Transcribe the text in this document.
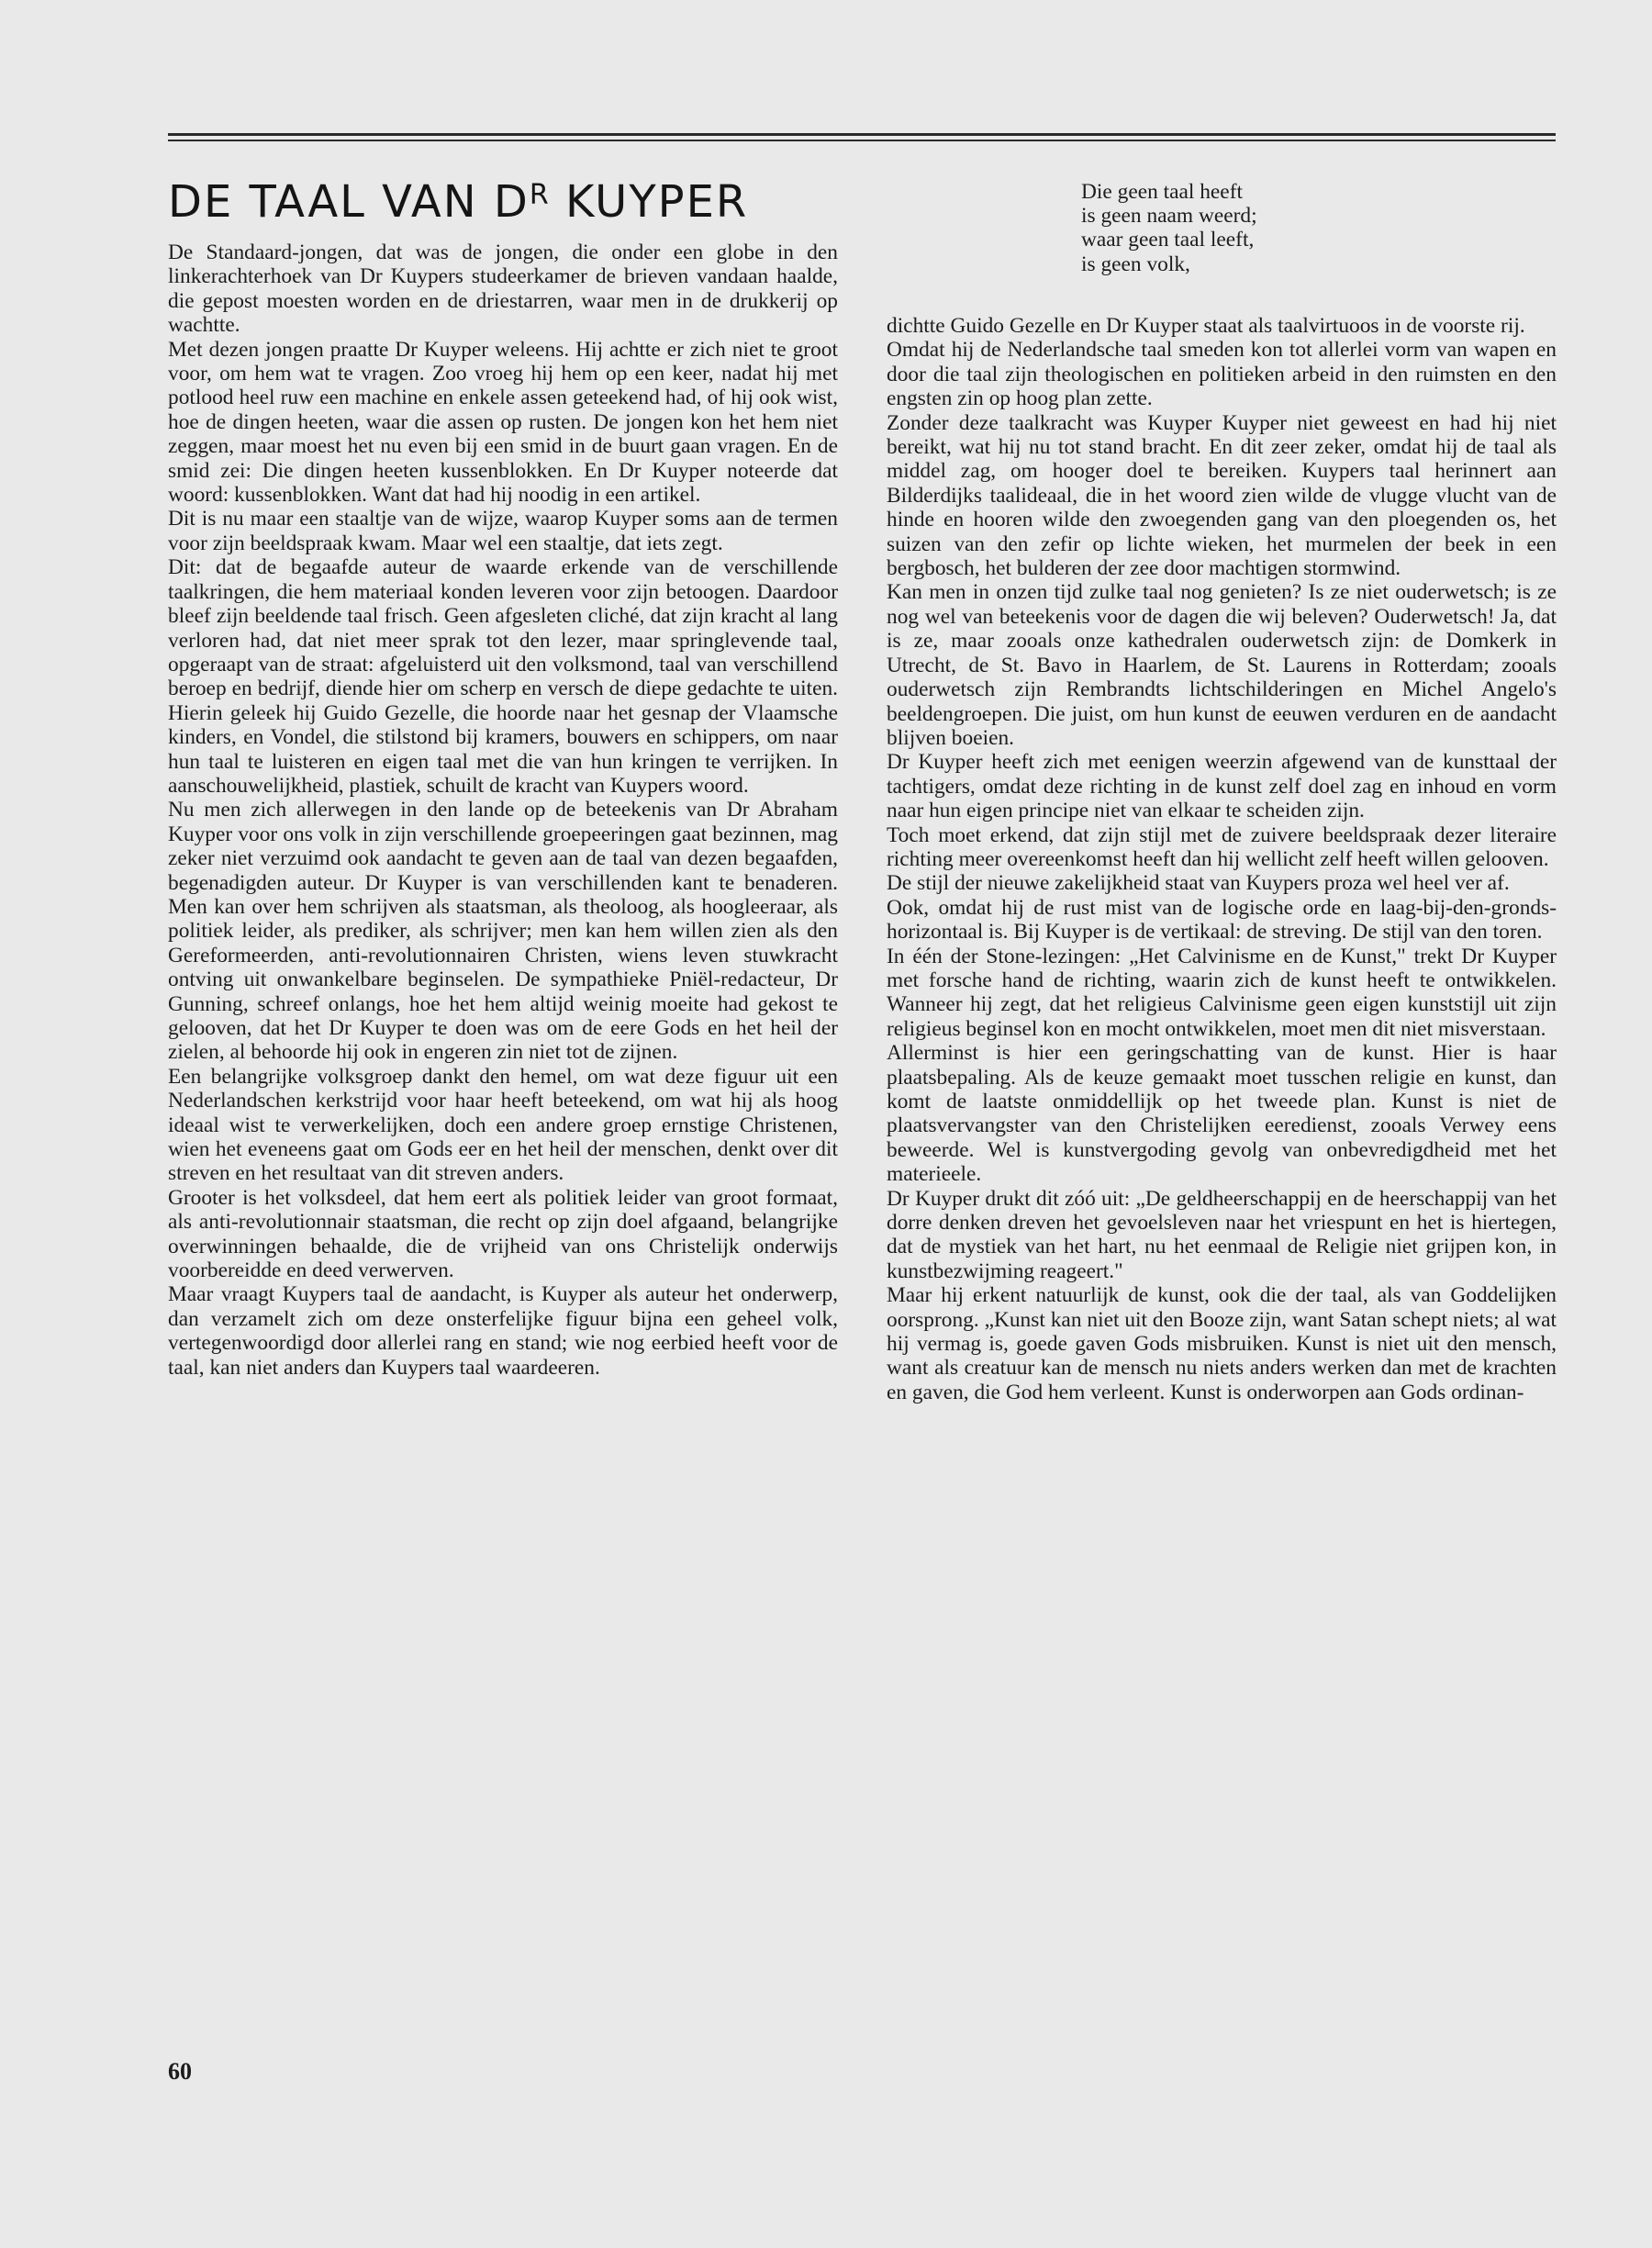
DE TAAL VAN $D^R$ KUYPER	Die geen taal heeft
is geen naam weerd;
waar geen taal leeft,
is geen volk,

De Standaard-jongen, dat was de jongen, die onder een globe in den linkerachterhoek van Dr Kuypers studeerkamer de brieven vandaan haalde, die gepost moesten worden en de driestarren, waar men in de drukkerij op wachtte.

Met dezen jongen praatte Dr Kuyper weleens. Hij achtte er zich niet te groot voor, om hem wat te vragen. Zoo vroeg hij hem op een keer, nadat hij met potlood heel ruw een machine en enkele assen geteekend had, of hij ook wist, hoe de dingen heeten, waar die assen op rusten. De jongen kon het hem niet zeggen, maar moest het nu even bij een smid in de buurt gaan vragen. En de smid zei: Die dingen heeten kussenblokken. En Dr Kuyper noteerde dat woord: kussenblokken. Want dat had hij noodig in een artikel.

Dit is nu maar een staaltje van de wijze, waarop Kuyper soms aan de termen voor zijn beeldspraak kwam. Maar wel een staaltje, dat iets zegt.

Dit: dat de begaafde auteur de waarde erkende van de verschillende taalkringen, die hem materiaal konden leveren voor zijn betoogen. Daardoor bleef zijn beeldende taal frisch. Geen afgesleten cliché, dat zijn kracht al lang verloren had, dat niet meer sprak tot den lezer, maar springlevende taal, opgeraapt van de straat: afgeluisterd uit den volksmond, taal van verschillend beroep en bedrijf, diende hier om scherp en versch de diepe gedachte te uiten. Hierin geleek hij Guido Gezelle, die hoorde naar het gesnap der Vlaamsche kinders, en Vondel, die stilstond bij kramers, bouwers en schippers, om naar hun taal te luisteren en eigen taal met die van hun kringen te verrijken. In aanschouwelijkheid, plastiek, schuilt de kracht van Kuypers woord.

Nu men zich allerwegen in den lande op de beteekenis van Dr Abraham Kuyper voor ons volk in zijn verschillende groepeeringen gaat bezinnen, mag zeker niet verzuimd ook aandacht te geven aan de taal van dezen begaafden, begenadigden auteur. Dr Kuyper is van verschillenden kant te benaderen. Men kan over hem schrijven als staatsman, als theoloog, als hoogleeraar, als politiek leider, als prediker, als schrijver; men kan hem willen zien als den Gereformeerden, anti-revolutionnairen Christen, wiens leven stuwkracht ontving uit onwankelbare beginselen. De sympathieke Pniël-redacteur, Dr Gunning, schreef onlangs, hoe het hem altijd weinig moeite had gekost te gelooven, dat het Dr Kuyper te doen was om de eere Gods en het heil der zielen, al behoorde hij ook in engeren zin niet tot de zijnen.

Een belangrijke volksgroep dankt den hemel, om wat deze figuur uit een Nederlandschen kerkstrijd voor haar heeft beteekend, om wat hij als hoog ideaal wist te verwerkelijken, doch een andere groep ernstige Christenen, wien het eveneens gaat om Gods eer en het heil der menschen, denkt over dit streven en het resultaat van dit streven anders.

Grooter is het volksdeel, dat hem eert als politiek leider van groot formaat, als anti-revolutionnair staatsman, die recht op zijn doel afgaand, belangrijke overwinningen behaalde, die de vrijheid van ons Christelijk onderwijs voorbereidde en deed verwerven.

Maar vraagt Kuypers taal de aandacht, is Kuyper als auteur het onderwerp, dan verzamelt zich om deze onsterfelijke figuur bijna een geheel volk, vertegenwoordigd door allerlei rang en stand; wie nog eerbied heeft voor de taal, kan niet anders dan Kuypers taal waardeeren.

dichtte Guido Gezelle en Dr Kuyper staat als taalvirtuoos in de voorste rij.

Omdat hij de Nederlandsche taal smeden kon tot allerlei vorm van wapen en door die taal zijn theologischen en politieken arbeid in den ruimsten en den engsten zin op hoog plan zette.

Zonder deze taalkracht was Kuyper Kuyper niet geweest en had hij niet bereikt, wat hij nu tot stand bracht. En dit zeer zeker, omdat hij de taal als middel zag, om hooger doel te bereiken. Kuypers taal herinnert aan Bilderdijks taalideaal, die in het woord zien wilde de vlugge vlucht van de hinde en hooren wilde den zwoegenden gang van den ploegenden os, het suizen van den zefir op lichte wieken, het murmelen der beek in een bergbosch, het bulderen der zee door machtigen stormwind.

Kan men in onzen tijd zulke taal nog genieten? Is ze niet ouderwetsch; is ze nog wel van beteekenis voor de dagen die wij beleven? Ouderwetsch! Ja, dat is ze, maar zooals onze kathedralen ouderwetsch zijn: de Domkerk in Utrecht, de St. Bavo in Haarlem, de St. Laurens in Rotterdam; zooals ouderwetsch zijn Rembrandts lichtschilderingen en Michel Angelo's beeldengroepen. Die juist, om hun kunst de eeuwen verduren en de aandacht blijven boeien.

Dr Kuyper heeft zich met eenigen weerzin afgewend van de kunsttaal der tachtigers, omdat deze richting in de kunst zelf doel zag en inhoud en vorm naar hun eigen principe niet van elkaar te scheiden zijn.

Toch moet erkend, dat zijn stijl met de zuivere beeldspraak dezer literaire richting meer overeenkomst heeft dan hij wellicht zelf heeft willen gelooven.

De stijl der nieuwe zakelijkheid staat van Kuypers proza wel heel ver af.

Ook, omdat hij de rust mist van de logische orde en laag-bij-den-gronds-horizontaal is. Bij Kuyper is de vertikaal: de streving. De stijl van den toren.

In één der Stone-lezingen: „Het Calvinisme en de Kunst," trekt Dr Kuyper met forsche hand de richting, waarin zich de kunst heeft te ontwikkelen. Wanneer hij zegt, dat het religieus Calvinisme geen eigen kunststijl uit zijn religieus beginsel kon en mocht ontwikkelen, moet men dit niet misverstaan.

Allerminst is hier een geringschatting van de kunst. Hier is haar plaatsbepaling. Als de keuze gemaakt moet tusschen religie en kunst, dan komt de laatste onmiddellijk op het tweede plan. Kunst is niet de plaatsvervangster van den Christelijken eeredienst, zooals Verwey eens beweerde. Wel is kunstvergoding gevolg van onbevredigdheid met het materieele.

Dr Kuyper drukt dit zóó uit: „De geldheerschappij en de heerschappij van het dorre denken dreven het gevoelsleven naar het vriespunt en het is hiertegen, dat de mystiek van het hart, nu het eenmaal de Religie niet grijpen kon, in kunstbezwijming reageert."

Maar hij erkent natuurlijk de kunst, ook die der taal, als van Goddelijken oorsprong. „Kunst kan niet uit den Booze zijn, want Satan schept niets; al wat hij vermag is, goede gaven Gods misbruiken. Kunst is niet uit den mensch, want als creatuur kan de mensch nu niets anders werken dan met de krachten en gaven, die God hem verleent. Kunst is onderworpen aan Gods ordinan-

60
